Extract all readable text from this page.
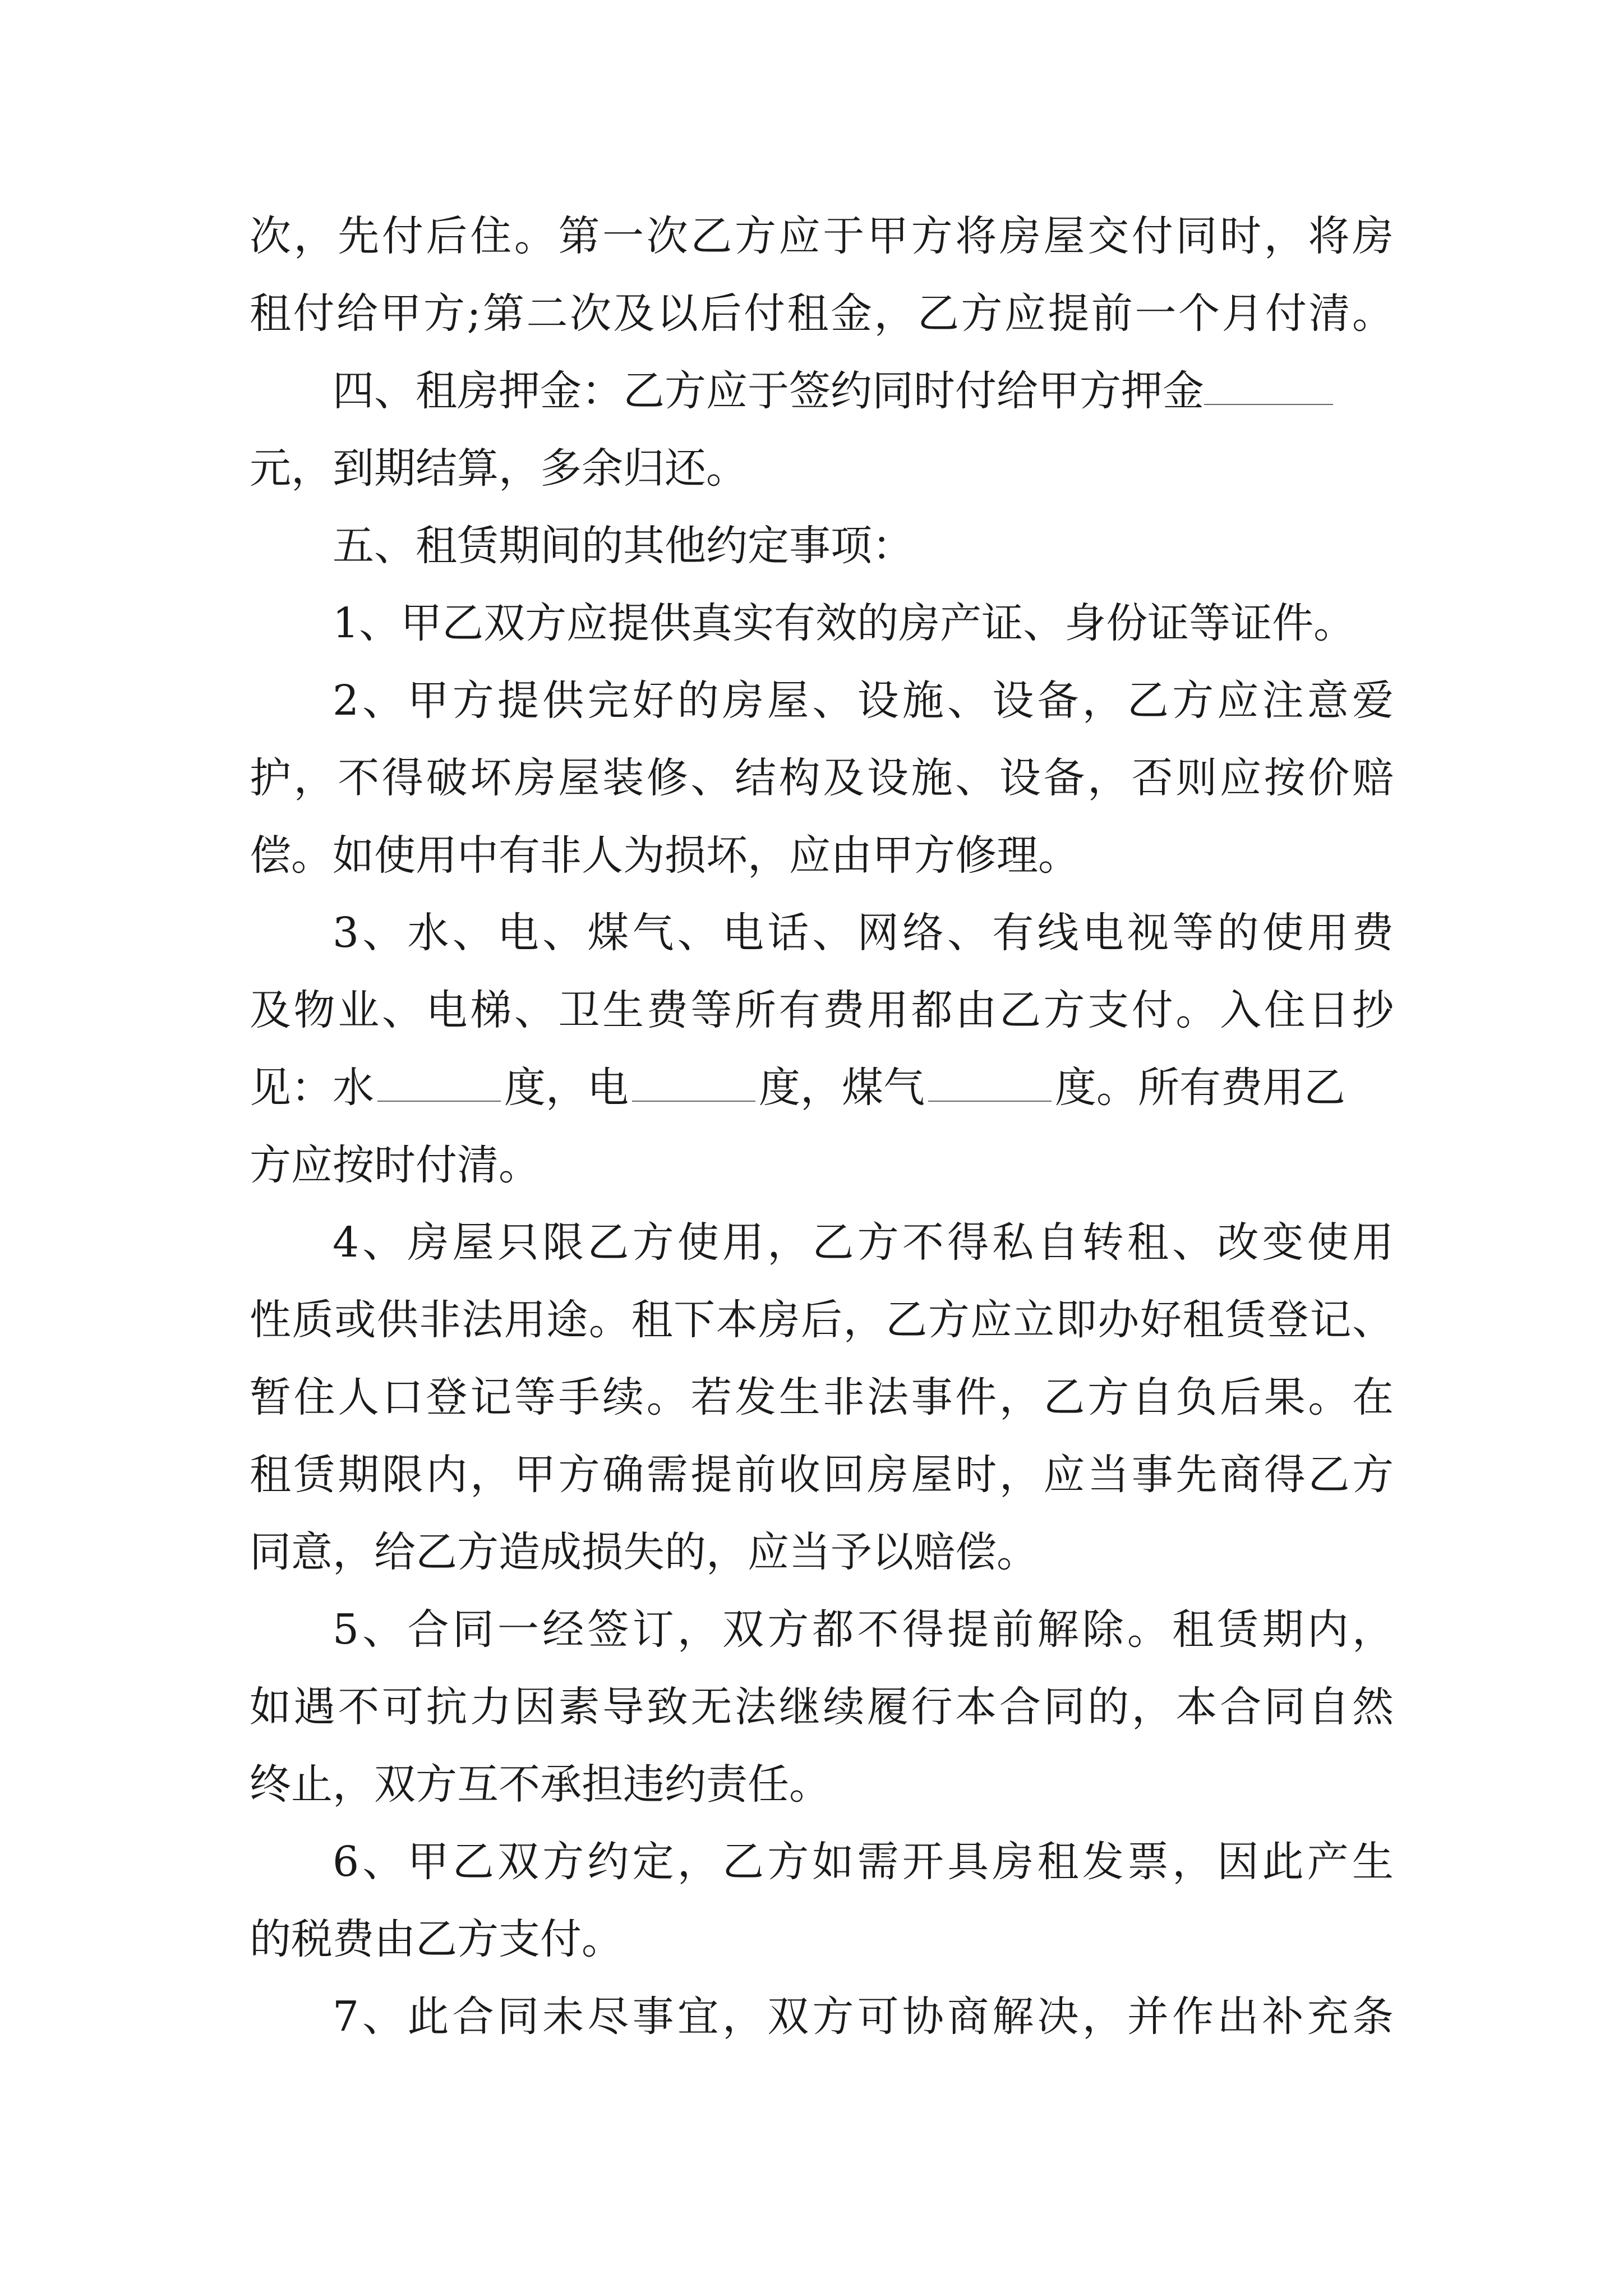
次，先付后住。第一次乙方应于甲方将房屋交付同时，将房
租付给甲方;第二次及以后付租金，乙方应提前一个月付清。
四、租房押金：乙方应于签约同时付给甲方押金
元，到期结算，多余归还。
五、租赁期间的其他约定事项：
1、甲乙双方应提供真实有效的房产证、身份证等证件。
2、甲方提供完好的房屋、设施、设备，乙方应注意爱
护，不得破坏房屋装修、结构及设施、设备，否则应按价赔
偿。如使用中有非人为损坏，应由甲方修理。
3、水、电、煤气、电话、网络、有线电视等的使用费
及物业、电梯、卫生费等所有费用都由乙方支付。入住日抄
见：水	度，电	度，煤气	度。所有费用乙
方应按时付清。
4、房屋只限乙方使用，乙方不得私自转租、改变使用
性质或供非法用途。租下本房后，乙方应立即办好租赁登记、
暂住人口登记等手续。若发生非法事件，乙方自负后果。在
租赁期限内，甲方确需提前收回房屋时，应当事先商得乙方
同意，给乙方造成损失的，应当予以赔偿。
5、合同一经签订，双方都不得提前解除。租赁期内，
如遇不可抗力因素导致无法继续履行本合同的，本合同自然
终止，双方互不承担违约责任。
6、甲乙双方约定，乙方如需开具房租发票，因此产生
的税费由乙方支付。
7、此合同未尽事宜，双方可协商解决，并作出补充条
